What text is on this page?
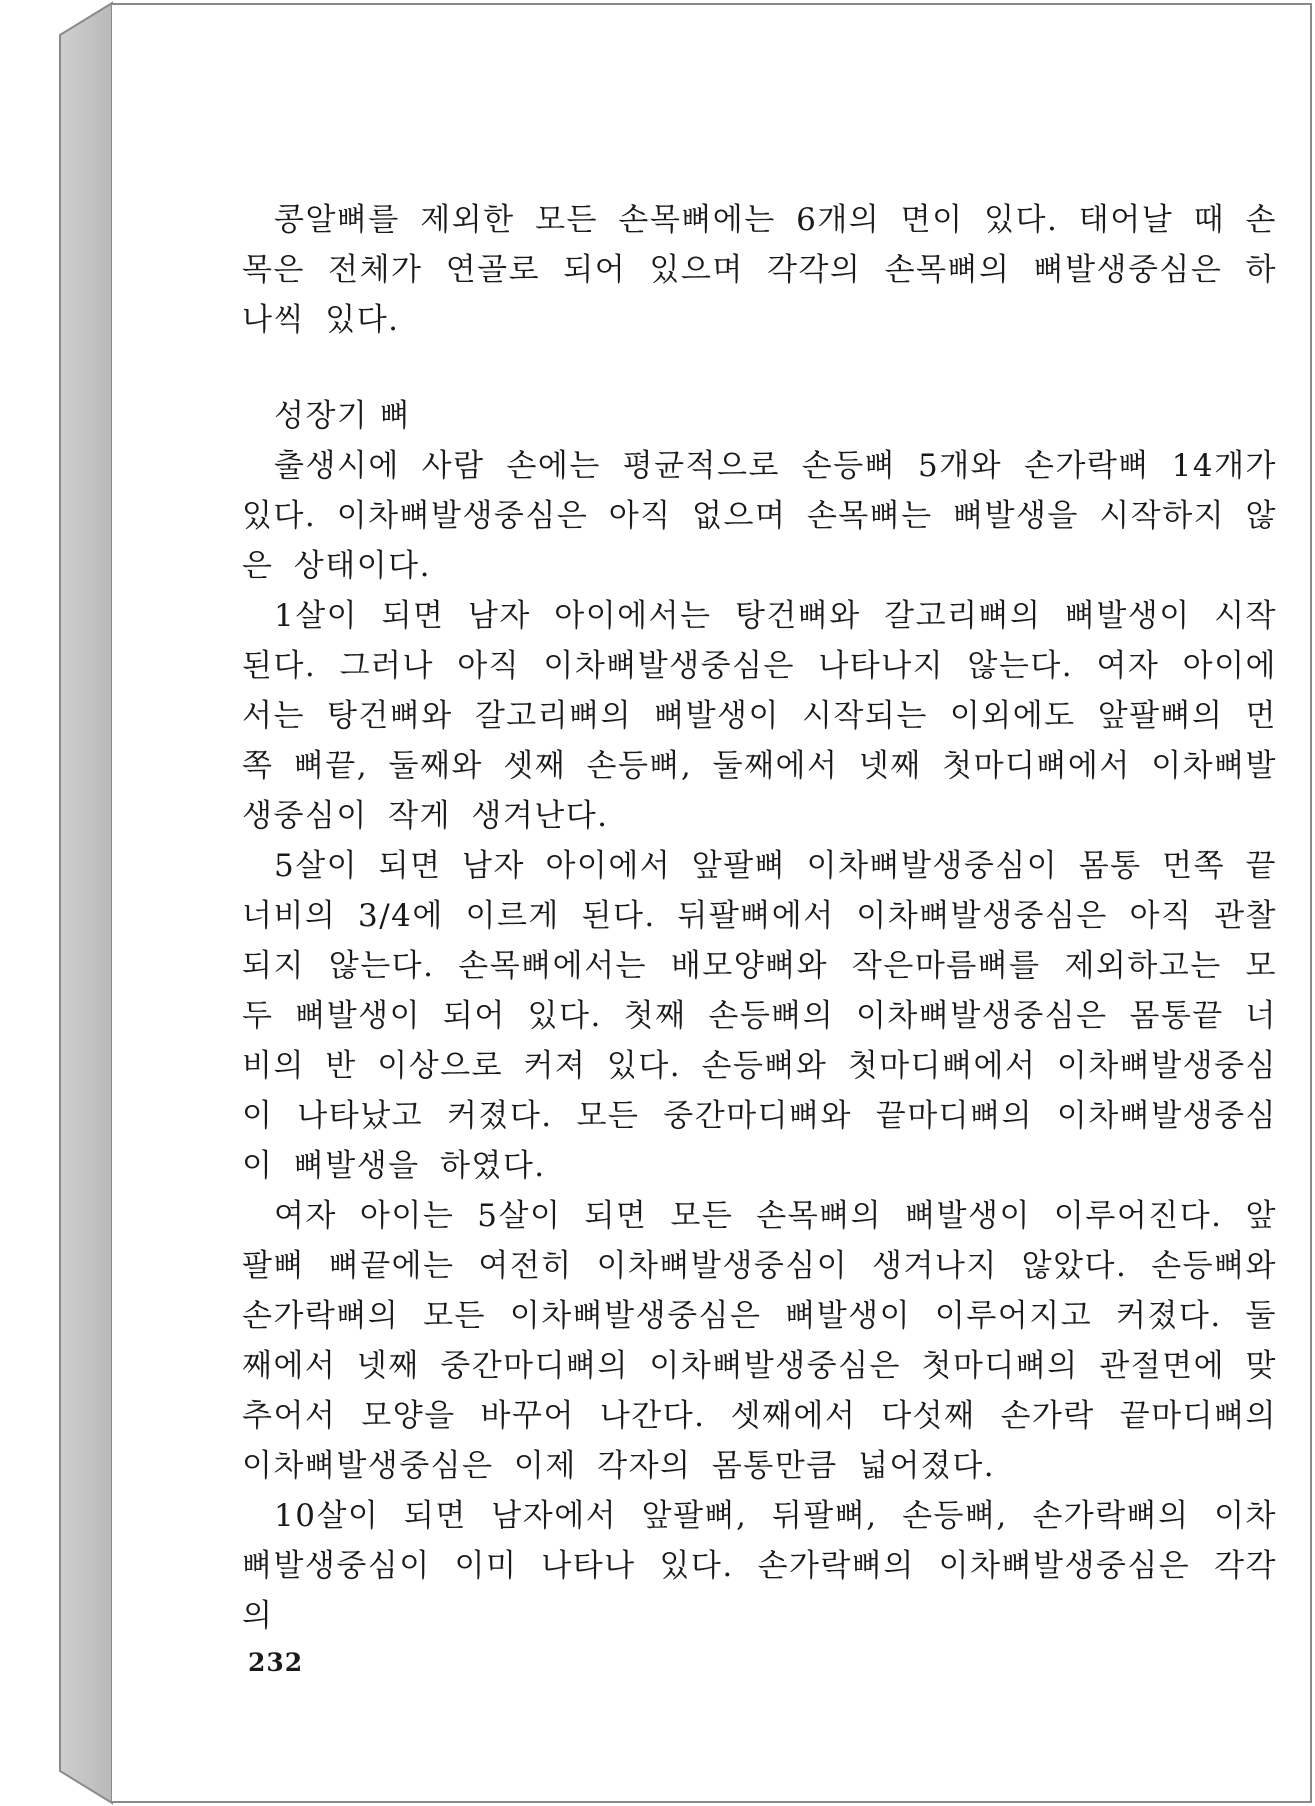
콩알뼈를 제외한 모든 손목뼈에는 6개의 면이 있다. 태어날 때 손목은 전체가 연골로 되어 있으며 각각의 손목뼈의 뼈발생중심은 하나씩 있다.

성장기 뼈

출생시에 사람 손에는 평균적으로 손등뼈 5개와 손가락뼈 14개가 있다. 이차뼈발생중심은 아직 없으며 손목뼈는 뼈발생을 시작하지 않은 상태이다.

1살이 되면 남자 아이에서는 탕건뼈와 갈고리뼈의 뼈발생이 시작된다. 그러나 아직 이차뼈발생중심은 나타나지 않는다. 여자 아이에서는 탕건뼈와 갈고리뼈의 뼈발생이 시작되는 이외에도 앞팔뼈의 먼쪽 뼈끝, 둘째와 셋째 손등뼈, 둘째에서 넷째 첫마디뼈에서 이차뼈발생중심이 작게 생겨난다.

5살이 되면 남자 아이에서 앞팔뼈 이차뼈발생중심이 몸통 먼쪽 끝 너비의 3/4에 이르게 된다. 뒤팔뼈에서 이차뼈발생중심은 아직 관찰되지 않는다. 손목뼈에서는 배모양뼈와 작은마름뼈를 제외하고는 모두 뼈발생이 되어 있다. 첫째 손등뼈의 이차뼈발생중심은 몸통끝 너비의 반 이상으로 커져 있다. 손등뼈와 첫마디뼈에서 이차뼈발생중심이 나타났고 커졌다. 모든 중간마디뼈와 끝마디뼈의 이차뼈발생중심이 뼈발생을 하였다.

여자 아이는 5살이 되면 모든 손목뼈의 뼈발생이 이루어진다. 앞팔뼈 뼈끝에는 여전히 이차뼈발생중심이 생겨나지 않았다. 손등뼈와 손가락뼈의 모든 이차뼈발생중심은 뼈발생이 이루어지고 커졌다. 둘째에서 넷째 중간마디뼈의 이차뼈발생중심은 첫마디뼈의 관절면에 맞추어서 모양을 바꾸어 나간다. 셋째에서 다섯째 손가락 끝마디뼈의 이차뼈발생중심은 이제 각자의 몸통만큼 넓어졌다.

10살이 되면 남자에서 앞팔뼈, 뒤팔뼈, 손등뼈, 손가락뼈의 이차뼈발생중심이 이미 나타나 있다. 손가락뼈의 이차뼈발생중심은 각각의

232
